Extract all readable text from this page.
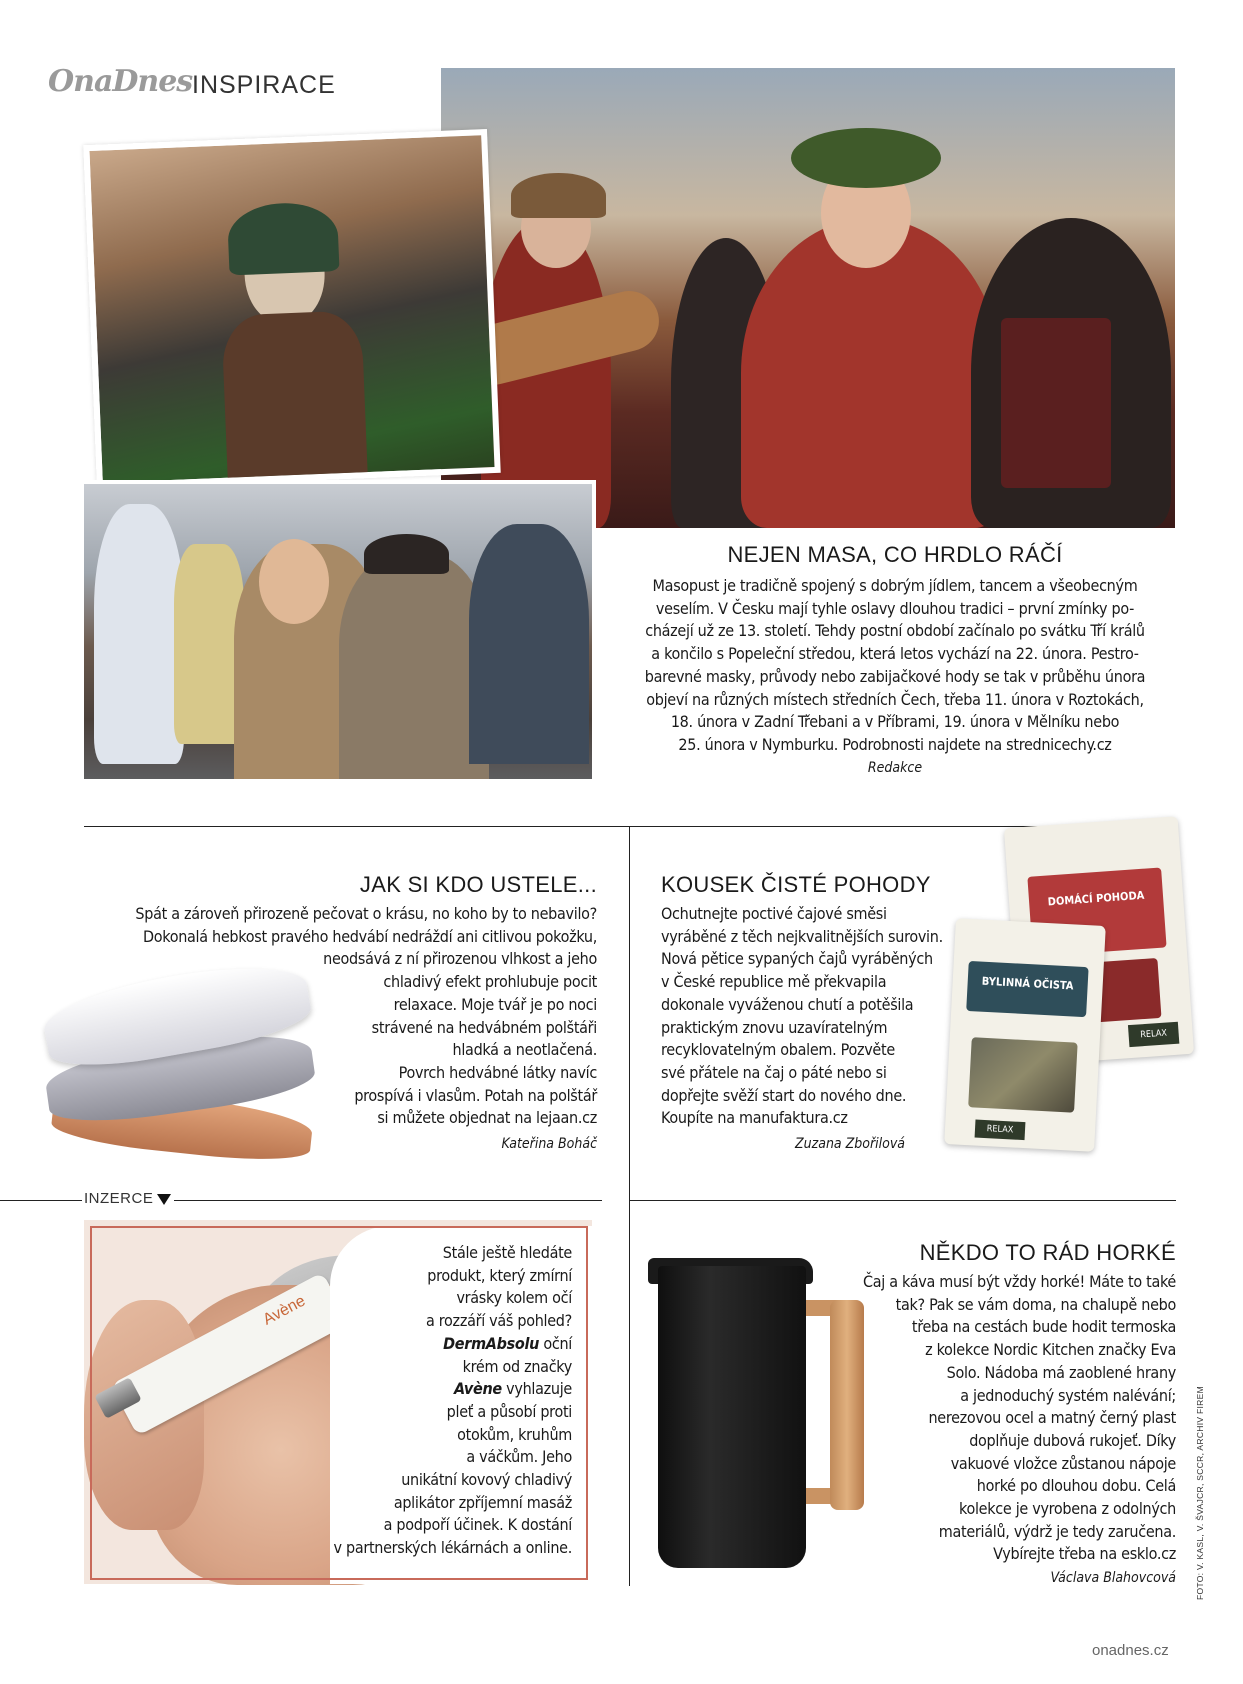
OnaDnes INSPIRACE
NEJEN MASA, CO HRDLO RÁČÍ
Masopust je tradičně spojený s dobrým jídlem, tancem a všeobecným
veselím. V Česku mají tyhle oslavy dlouhou tradici – první zmínky po-
cházejí už ze 13. století. Tehdy postní období začínalo po svátku Tří králů
a končilo s Popeleční středou, která letos vychází na 22. února. Pestro-
barevné masky, průvody nebo zabijačkové hody se tak v průběhu února
objeví na různých místech středních Čech, třeba 11. února v Roztokách,
18. února v Zadní Třebani a v Příbrami, 19. února v Mělníku nebo
25. února v Nymburku. Podrobnosti najdete na strednicechy.cz
Redakce
JAK SI KDO USTELE...
Spát a zároveň přirozeně pečovat o krásu, no koho by to nebavilo?
Dokonalá hebkost pravého hedvábí nedráždí ani citlivou pokožku,
neodsává z ní přirozenou vlhkost a jeho
chladivý efekt prohlubuje pocit
relaxace. Moje tvář je po noci
strávené na hedvábném polštáři
hladká a neotlačená.
Povrch hedvábné látky navíc
prospívá i vlasům. Potah na polštář
si můžete objednat na lejaan.cz
Kateřina Boháč
KOUSEK ČISTÉ POHODY
Ochutnejte poctivé čajové směsi
vyráběné z těch nejkvalitnějších surovin.
Nová pětice sypaných čajů vyráběných
v České republice mě překvapila
dokonale vyváženou chutí a potěšila
praktickým znovu uzavíratelným
recyklovatelným obalem. Pozvěte
své přátele na čaj o páté nebo si
dopřejte svěží start do nového dne.
Koupíte na manufaktura.cz
Zuzana Zbořilová
DOMÁCÍ POHODA
RELAX
BYLINNÁ OČISTA
RELAX
INZERCE
Avène
Stále ještě hledáte
produkt, který zmírní
vrásky kolem očí
a rozzáří váš pohled?
DermAbsolu oční
krém od značky
Avène vyhlazuje
pleť a působí proti
otokům, kruhům
a váčkům. Jeho
unikátní kovový chladivý
aplikátor zpříjemní masáž
a podpoří účinek. K dostání
v partnerských lékárnách a online.
NĚKDO TO RÁD HORKÉ
Čaj a káva musí být vždy horké! Máte to také
tak? Pak se vám doma, na chalupě nebo
třeba na cestách bude hodit termoska
z kolekce Nordic Kitchen značky Eva
Solo. Nádoba má zaoblené hrany
a jednoduchý systém nalévání;
nerezovou ocel a matný černý plast
doplňuje dubová rukojeť. Díky
vakuové vložce zůstanou nápoje
horké po dlouhou dobu. Celá
kolekce je vyrobena z odolných
materiálů, výdrž je tedy zaručena.
Vybírejte třeba na esklo.cz
Václava Blahovcová FOTO: V. KASL, V. ŠVAJCR, SCCR, ARCHIV FIREM
onadnes.cz
